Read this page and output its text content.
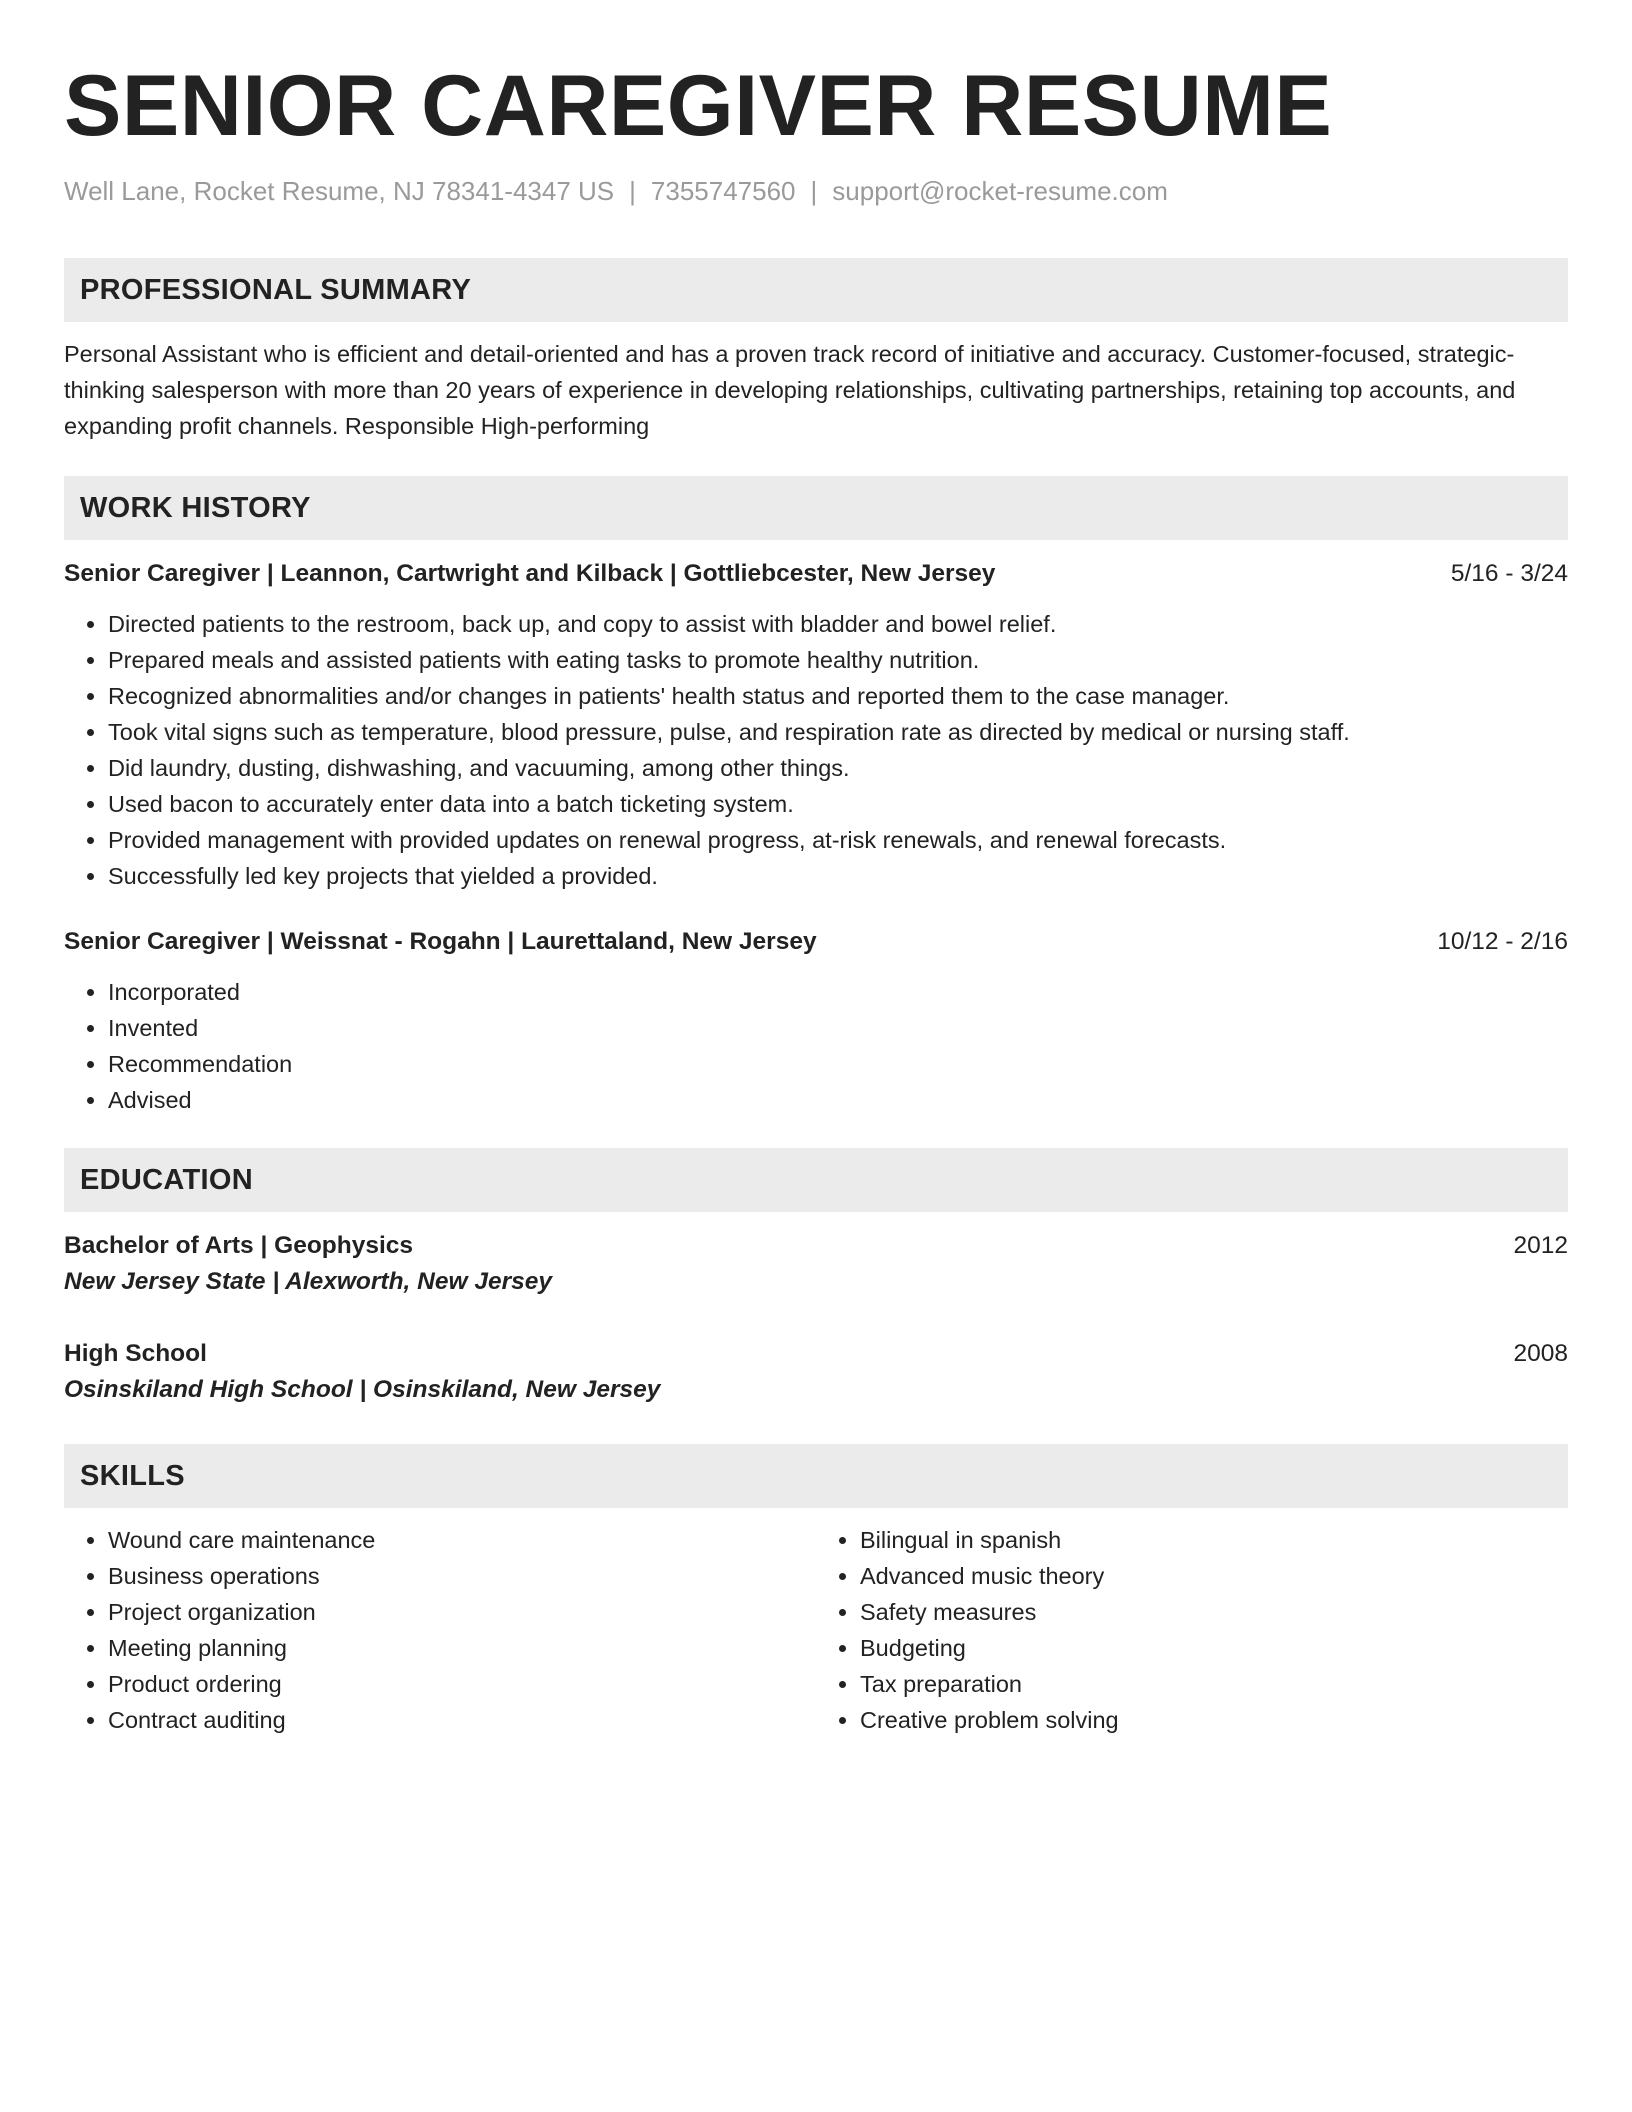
SENIOR CAREGIVER RESUME
Well Lane, Rocket Resume, NJ 78341-4347 US | 7355747560 | support@rocket-resume.com
PROFESSIONAL SUMMARY
Personal Assistant who is efficient and detail-oriented and has a proven track record of initiative and accuracy. Customer-focused, strategic-thinking salesperson with more than 20 years of experience in developing relationships, cultivating partnerships, retaining top accounts, and expanding profit channels. Responsible High-performing
WORK HISTORY
Senior Caregiver | Leannon, Cartwright and Kilback | Gottliebcester, New Jersey	5/16 - 3/24
• Directed patients to the restroom, back up, and copy to assist with bladder and bowel relief.
• Prepared meals and assisted patients with eating tasks to promote healthy nutrition.
• Recognized abnormalities and/or changes in patients' health status and reported them to the case manager.
• Took vital signs such as temperature, blood pressure, pulse, and respiration rate as directed by medical or nursing staff.
• Did laundry, dusting, dishwashing, and vacuuming, among other things.
• Used bacon to accurately enter data into a batch ticketing system.
• Provided management with provided updates on renewal progress, at-risk renewals, and renewal forecasts.
• Successfully led key projects that yielded a provided.
Senior Caregiver | Weissnat - Rogahn | Laurettaland, New Jersey	10/12 - 2/16
• Incorporated
• Invented
• Recommendation
• Advised
EDUCATION
Bachelor of Arts | Geophysics	2012
New Jersey State | Alexworth, New Jersey
High School	2008
Osinskiland High School | Osinskiland, New Jersey
SKILLS
• Wound care maintenance
• Business operations
• Project organization
• Meeting planning
• Product ordering
• Contract auditing
• Bilingual in spanish
• Advanced music theory
• Safety measures
• Budgeting
• Tax preparation
• Creative problem solving
